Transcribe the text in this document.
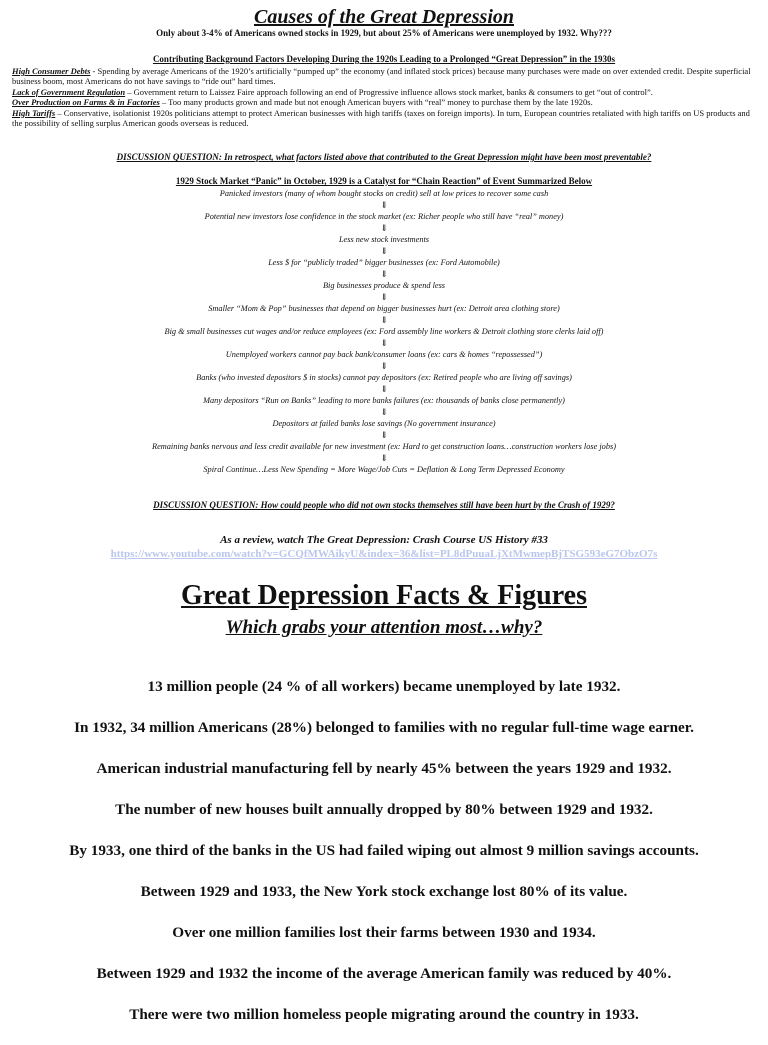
Causes of the Great Depression
Only about 3-4% of Americans owned stocks in 1929, but about 25% of Americans were unemployed by 1932. Why???
Contributing Background Factors Developing During the 1920s Leading to a Prolonged “Great Depression” in the 1930s
High Consumer Debts - Spending by average Americans of the 1920’s artificially “pumped up” the economy (and inflated stock prices) because many purchases were made on over extended credit. Despite superficial business boom, most Americans do not have savings to “ride out” hard times.
Lack of Government Regulation – Government return to Laissez Faire approach following an end of Progressive influence allows stock market, banks & consumers to get “out of control”.
Over Production on Farms & in Factories – Too many products grown and made but not enough American buyers with “real” money to purchase them by the late 1920s.
High Tariffs – Conservative, isolationist 1920s politicians attempt to protect American businesses with high tariffs (taxes on foreign imports). In turn, European countries retaliated with high tariffs on US products and the possibility of selling surplus American goods overseas is reduced.
DISCUSSION QUESTION: In retrospect, what factors listed above that contributed to the Great Depression might have been most preventable?
1929 Stock Market “Panic” in October, 1929 is a Catalyst for “Chain Reaction” of Event Summarized Below
Panicked investors (many of whom bought stocks on credit) sell at low prices to recover some cash
⇓
Potential new investors lose confidence in the stock market (ex: Richer people who still have “real” money)
⇓
Less new stock investments
⇓
Less $ for “publicly traded” bigger businesses (ex: Ford Automobile)
⇓
Big businesses produce & spend less
⇓
Smaller “Mom & Pop” businesses that depend on bigger businesses hurt (ex: Detroit area clothing store)
⇓
Big & small businesses cut wages and/or reduce employees (ex: Ford assembly line workers & Detroit clothing store clerks laid off)
⇓
Unemployed workers cannot pay back bank/consumer loans (ex: cars & homes “repossessed”)
⇓
Banks (who invested depositors $ in stocks) cannot pay depositors (ex: Retired people who are living off savings)
⇓
Many depositors “Run on Banks” leading to more banks failures (ex: thousands of banks close permanently)
⇓
Depositors at failed banks lose savings (No government insurance)
⇓
Remaining banks nervous and less credit available for new investment (ex: Hard to get construction loans…construction workers lose jobs)
⇓
Spiral Continue…Less New Spending = More Wage/Job Cuts = Deflation & Long Term Depressed Economy
DISCUSSION QUESTION: How could people who did not own stocks themselves still have been hurt by the Crash of 1929?
As a review, watch The Great Depression: Crash Course US History #33
https://www.youtube.com/watch?v=GCQfMWAikyU&index=36&list=PL8dPuuaLjXtMwmepBjTSG593eG7ObzO7s
Great Depression Facts & Figures
Which grabs your attention most…why?
13 million people (24 % of all workers) became unemployed by late 1932.
In 1932, 34 million Americans (28%) belonged to families with no regular full-time wage earner.
American industrial manufacturing fell by nearly 45% between the years 1929 and 1932.
The number of new houses built annually dropped by 80% between 1929 and 1932.
By 1933, one third of the banks in the US had failed wiping out almost 9 million savings accounts.
Between 1929 and 1933, the New York stock exchange lost 80% of its value.
Over one million families lost their farms between 1930 and 1934.
Between 1929 and 1932 the income of the average American family was reduced by 40%.
There were two million homeless people migrating around the country in 1933.
